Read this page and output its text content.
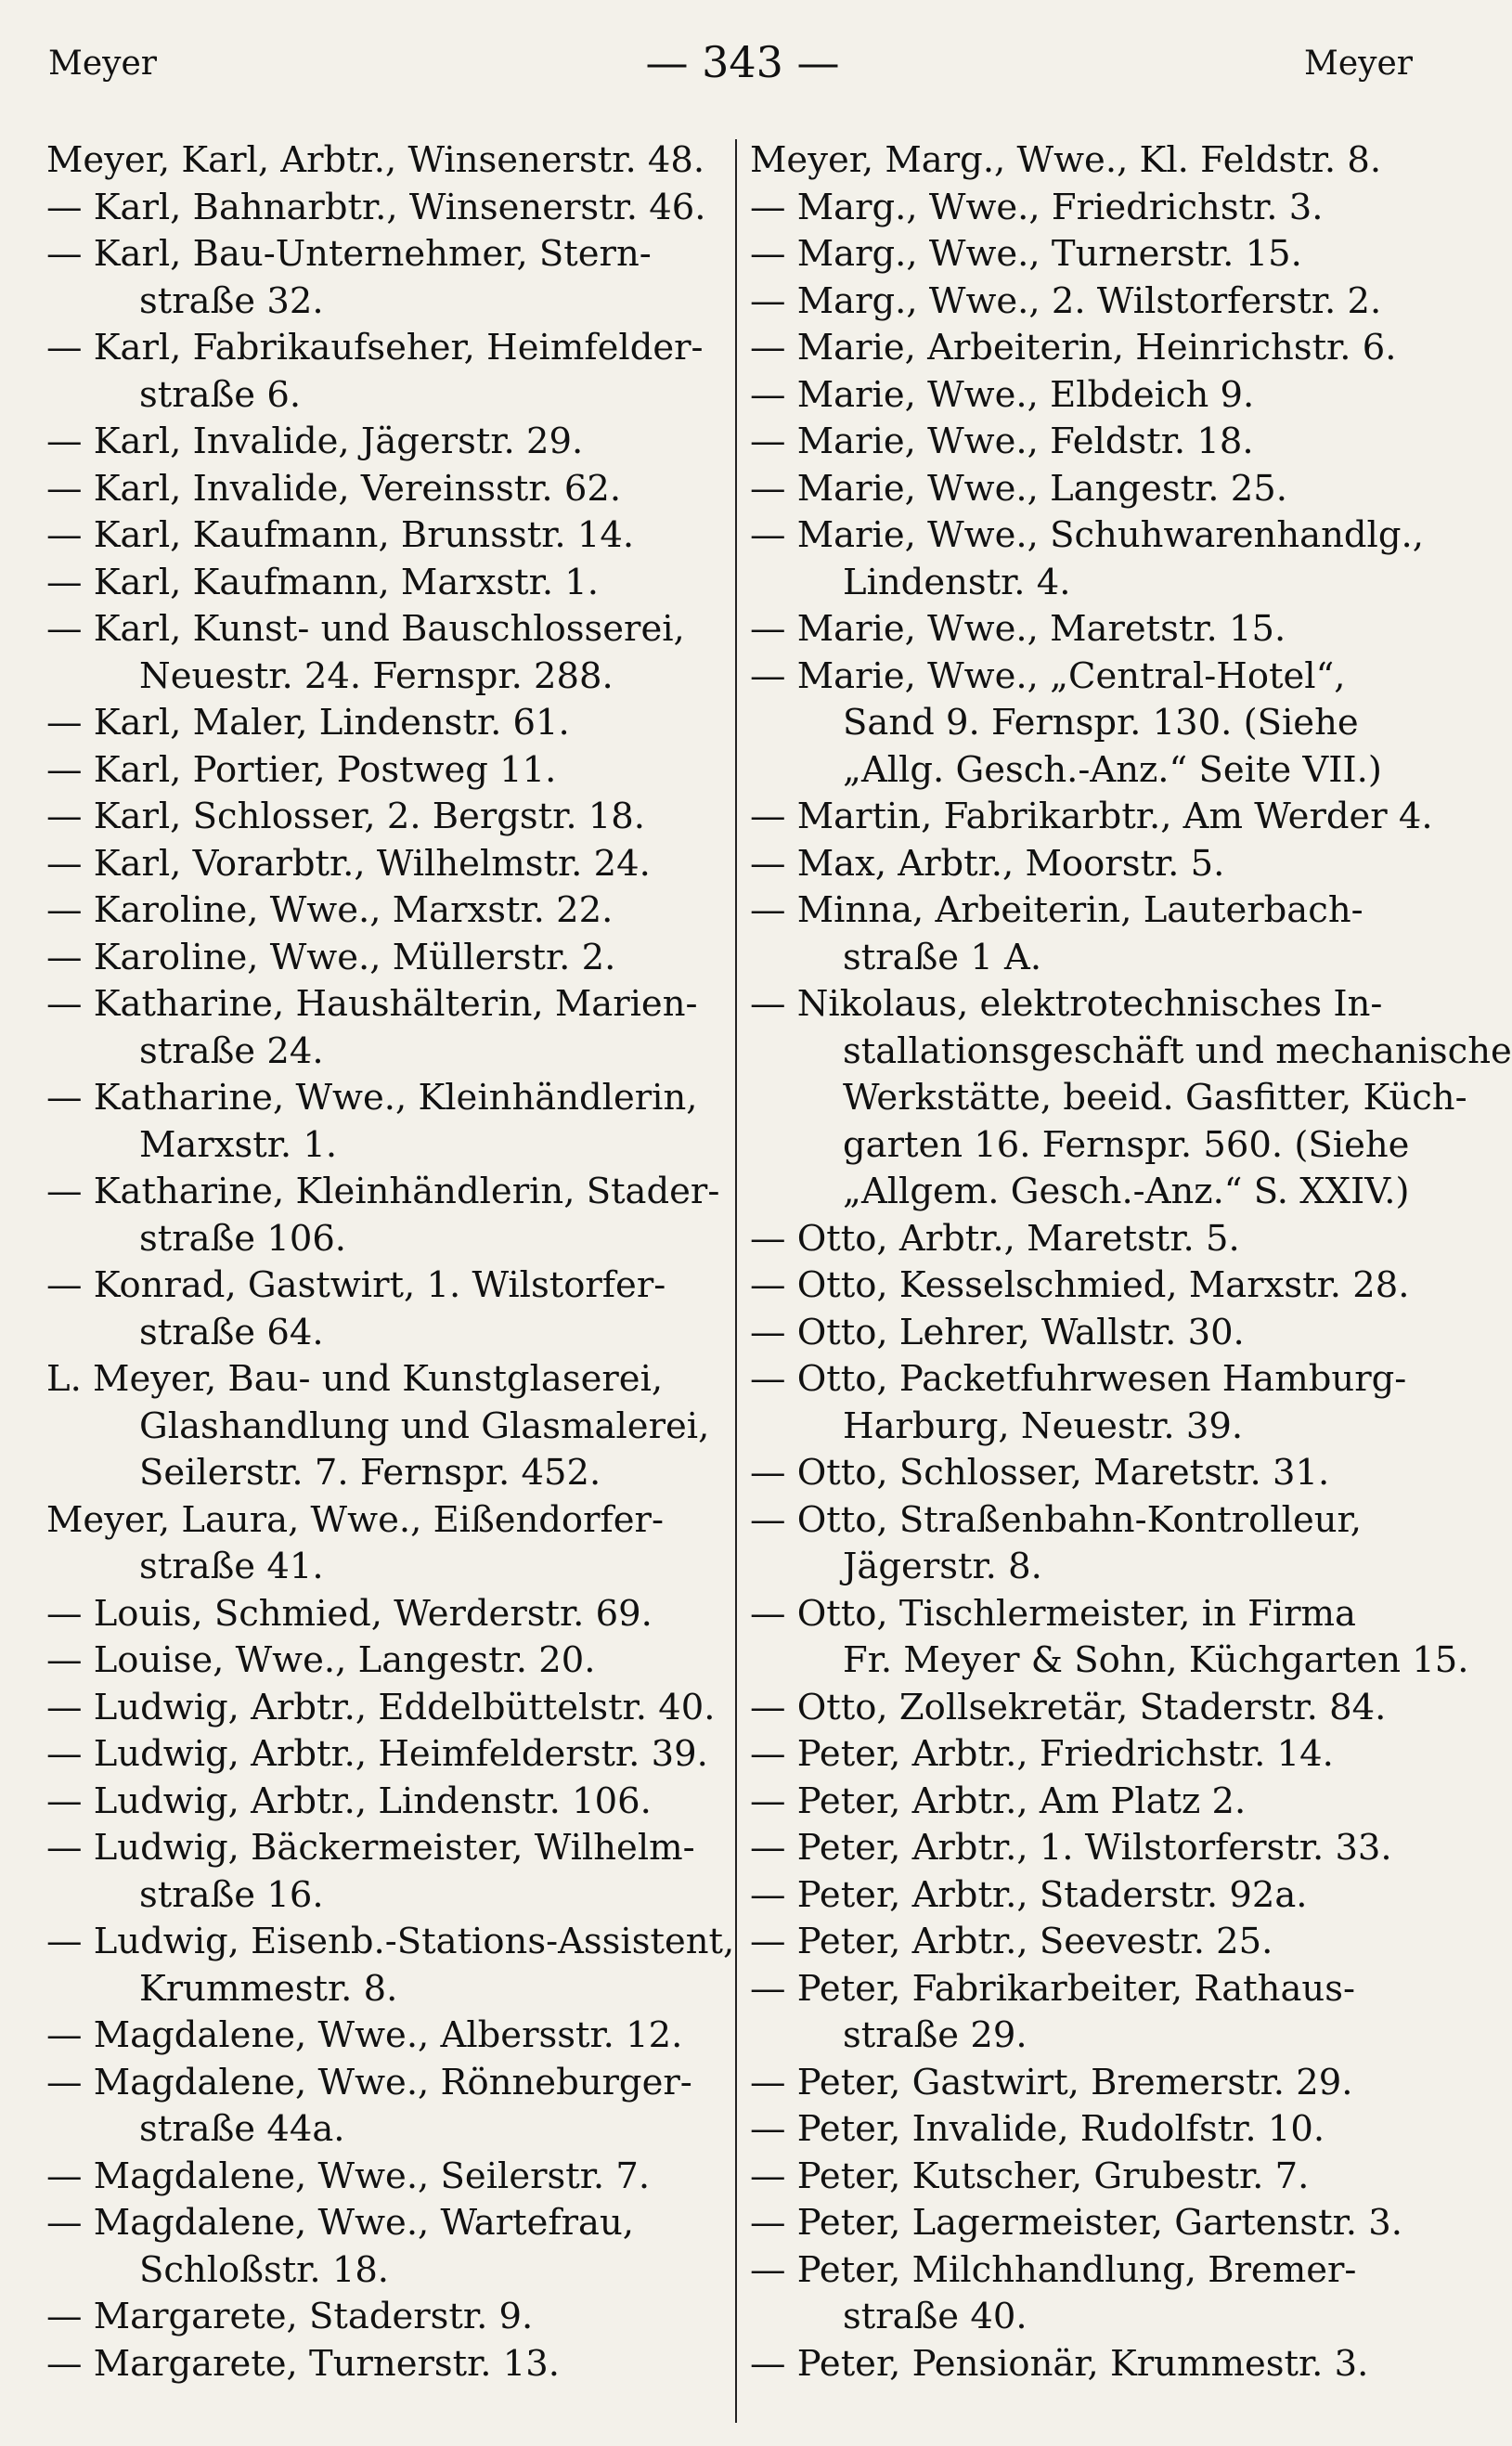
Meyer	— 343 —	Meyer
Meyer, Karl, Arbtr., Winsenerstr. 48.
— Karl, Bahnarbtr., Winsenerstr. 46.
— Karl, Bau-Unternehmer, Stern-
straße 32.
— Karl, Fabrikaufseher, Heimfelder-
straße 6.
— Karl, Invalide, Jägerstr. 29.
— Karl, Invalide, Vereinsstr. 62.
— Karl, Kaufmann, Brunsstr. 14.
— Karl, Kaufmann, Marxstr. 1.
— Karl, Kunst- und Bauschlosserei,
Neuestr. 24. Fernspr. 288.
— Karl, Maler, Lindenstr. 61.
— Karl, Portier, Postweg 11.
— Karl, Schlosser, 2. Bergstr. 18.
— Karl, Vorarbtr., Wilhelmstr. 24.
— Karoline, Wwe., Marxstr. 22.
— Karoline, Wwe., Müllerstr. 2.
— Katharine, Haushälterin, Marien-
straße 24.
— Katharine, Wwe., Kleinhändlerin,
Marxstr. 1.
— Katharine, Kleinhändlerin, Stader-
straße 106.
— Konrad, Gastwirt, 1. Wilstorfer-
straße 64.
L. Meyer, Bau- und Kunstglaserei,
Glashandlung und Glasmalerei,
Seilerstr. 7. Fernspr. 452.
Meyer, Laura, Wwe., Eißendorfer-
straße 41.
— Louis, Schmied, Werderstr. 69.
— Louise, Wwe., Langestr. 20.
— Ludwig, Arbtr., Eddelbüttelstr. 40.
— Ludwig, Arbtr., Heimfelderstr. 39.
— Ludwig, Arbtr., Lindenstr. 106.
— Ludwig, Bäckermeister, Wilhelm-
straße 16.
— Ludwig, Eisenb.-Stations-Assistent,
Krummestr. 8.
— Magdalene, Wwe., Albersstr. 12.
— Magdalene, Wwe., Rönneburger-
straße 44a.
— Magdalene, Wwe., Seilerstr. 7.
— Magdalene, Wwe., Wartefrau,
Schloßstr. 18.
— Margarete, Staderstr. 9.
— Margarete, Turnerstr. 13.
Meyer, Marg., Wwe., Kl. Feldstr. 8.
— Marg., Wwe., Friedrichstr. 3.
— Marg., Wwe., Turnerstr. 15.
— Marg., Wwe., 2. Wilstorferstr. 2.
— Marie, Arbeiterin, Heinrichstr. 6.
— Marie, Wwe., Elbdeich 9.
— Marie, Wwe., Feldstr. 18.
— Marie, Wwe., Langestr. 25.
— Marie, Wwe., Schuhwarenhandlg.,
Lindenstr. 4.
— Marie, Wwe., Maretstr. 15.
— Marie, Wwe., „Central-Hotel“,
Sand 9. Fernspr. 130. (Siehe
„Allg. Gesch.-Anz.“ Seite VII.)
— Martin, Fabrikarbtr., Am Werder 4.
— Max, Arbtr., Moorstr. 5.
— Minna, Arbeiterin, Lauterbach-
straße 1 A.
— Nikolaus, elektrotechnisches In-
stallationsgeschäft und mechanische
Werkstätte, beeid. Gasfitter, Küch-
garten 16. Fernspr. 560. (Siehe
„Allgem. Gesch.-Anz.“ S. XXIV.)
— Otto, Arbtr., Maretstr. 5.
— Otto, Kesselschmied, Marxstr. 28.
— Otto, Lehrer, Wallstr. 30.
— Otto, Packetfuhrwesen Hamburg-
Harburg, Neuestr. 39.
— Otto, Schlosser, Maretstr. 31.
— Otto, Straßenbahn-Kontrolleur,
Jägerstr. 8.
— Otto, Tischlermeister, in Firma
Fr. Meyer & Sohn, Küchgarten 15.
— Otto, Zollsekretär, Staderstr. 84.
— Peter, Arbtr., Friedrichstr. 14.
— Peter, Arbtr., Am Platz 2.
— Peter, Arbtr., 1. Wilstorferstr. 33.
— Peter, Arbtr., Staderstr. 92a.
— Peter, Arbtr., Seevestr. 25.
— Peter, Fabrikarbeiter, Rathaus-
straße 29.
— Peter, Gastwirt, Bremerstr. 29.
— Peter, Invalide, Rudolfstr. 10.
— Peter, Kutscher, Grubestr. 7.
— Peter, Lagermeister, Gartenstr. 3.
— Peter, Milchhandlung, Bremer-
straße 40.
— Peter, Pensionär, Krummestr. 3.
